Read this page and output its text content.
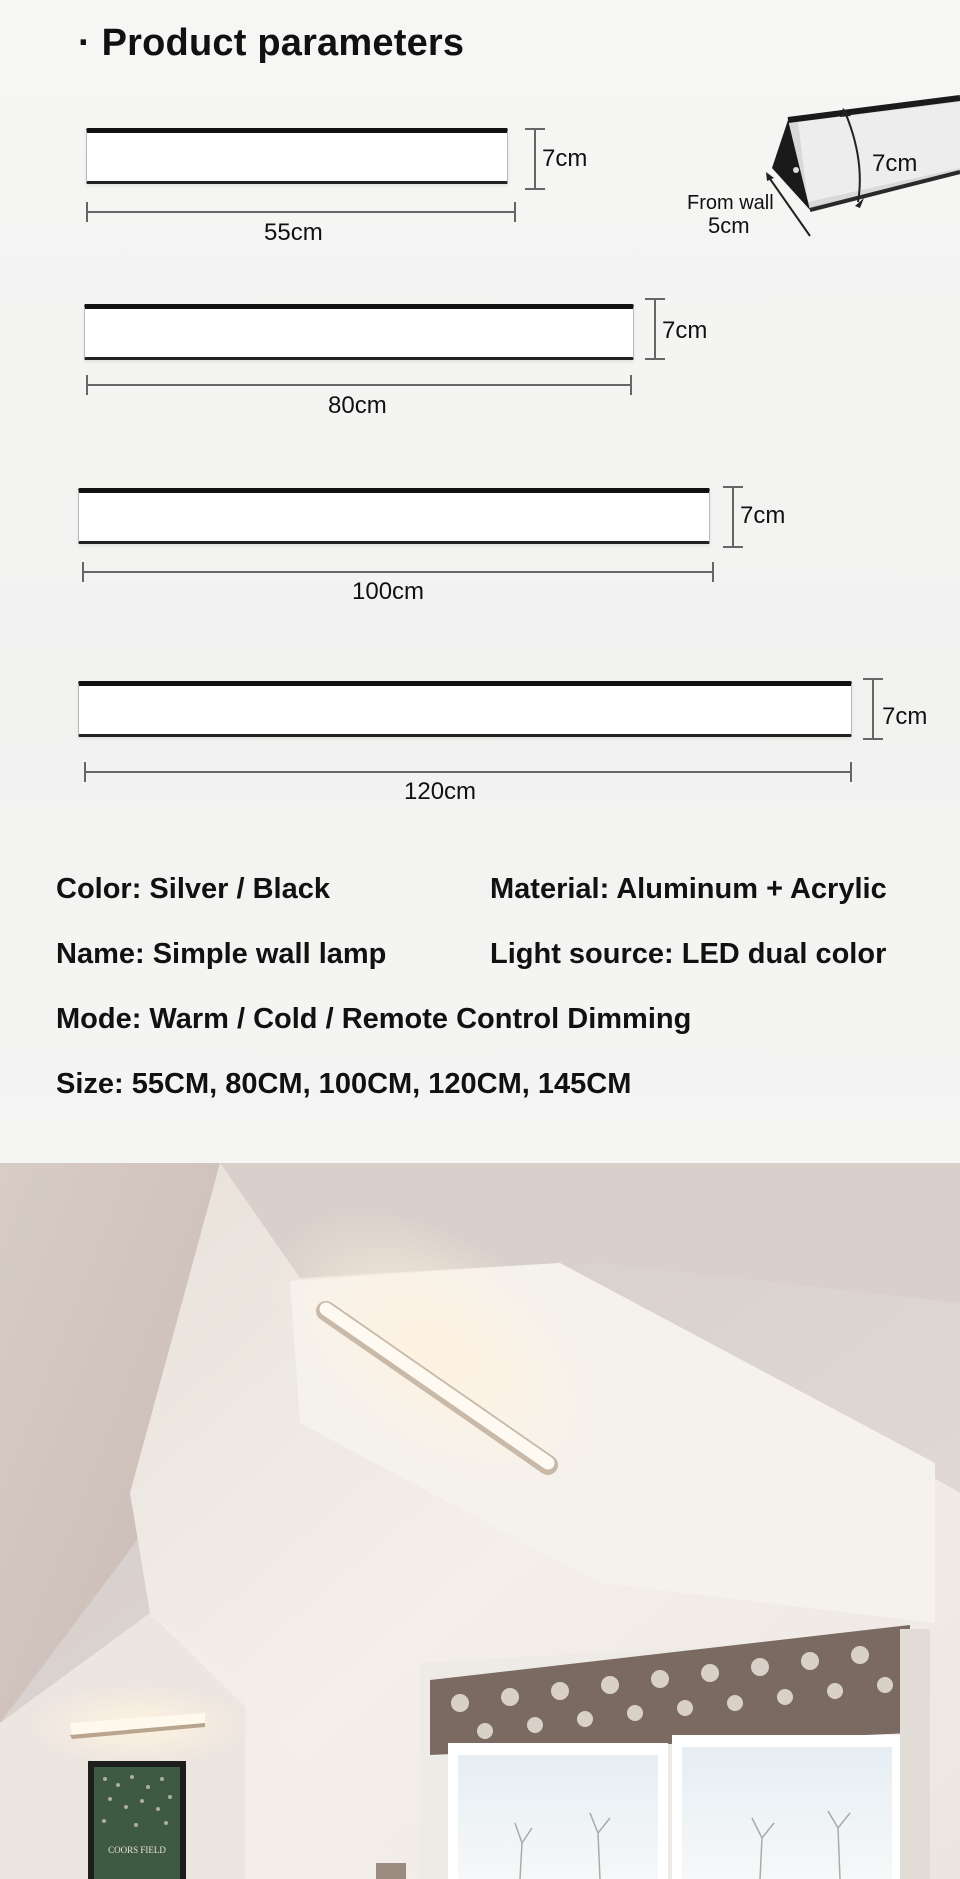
· Product parameters
7cm
From wall
5cm
7cm
55cm
7cm
80cm
7cm
100cm
7cm
120cm
Color: Silver / Black	Material: Aluminum + Acrylic
Name: Simple wall lamp	Light source: LED dual color
Mode: Warm / Cold / Remote Control Dimming
Size: 55CM, 80CM, 100CM, 120CM, 145CM
COORS FIELD
